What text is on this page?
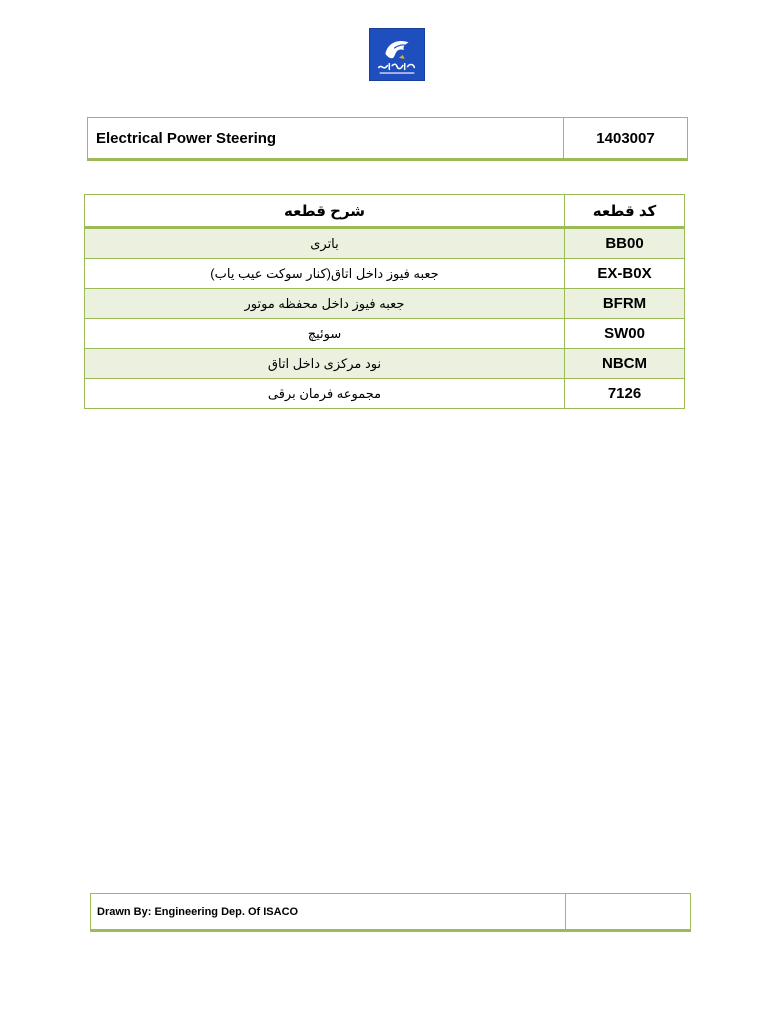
Electrical Power Steering	1403007
شرح قطعه	کد قطعه
باتری	BB00
جعبه فیوز داخل اتاق(کنار سوکت عیب یاب)	EX-B0X
جعبه فیوز داخل محفظه موتور	BFRM
سوئیچ	SW00
نود مرکزی داخل اتاق	NBCM
مجموعه فرمان برقی	7126
Drawn By: Engineering Dep. Of ISACO	
